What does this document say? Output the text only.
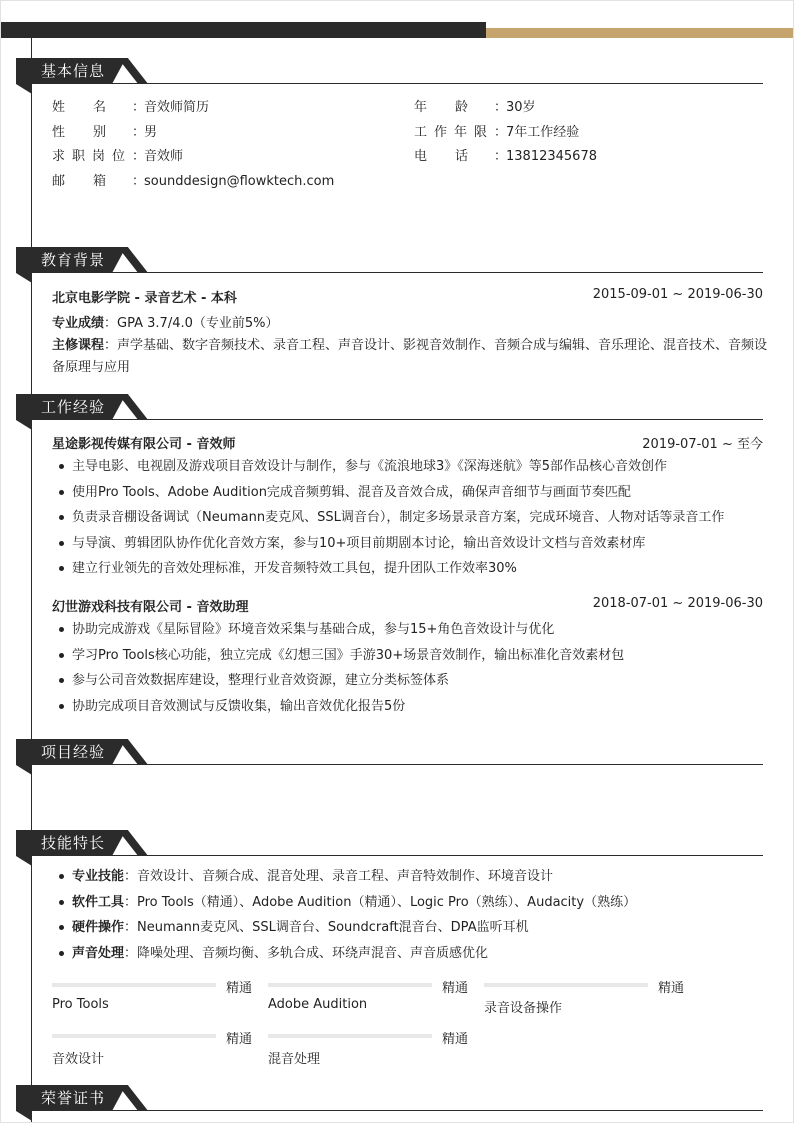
基本信息
姓名：音效师简历	年龄：30岁
性别：男	工作年限：7年工作经验
求职岗位：音效师	电话：13812345678
邮箱：sounddesign@flowktech.com
教育背景
北京电影学院 - 录音艺术 - 本科	2015-09-01 ~ 2019-06-30
专业成绩：GPA 3.7/4.0（专业前5%）
主修课程：声学基础、数字音频技术、录音工程、声音设计、影视音效制作、音频合成与编辑、音乐理论、混音技术、音频设
备原理与应用
工作经验
星途影视传媒有限公司 - 音效师	2019-07-01 ~ 至今
主导电影、电视剧及游戏项目音效设计与制作，参与《流浪地球3》《深海迷航》等5部作品核心音效创作
使用Pro Tools、Adobe Audition完成音频剪辑、混音及音效合成，确保声音细节与画面节奏匹配
负责录音棚设备调试（Neumann麦克风、SSL调音台），制定多场景录音方案，完成环境音、人物对话等录音工作
与导演、剪辑团队协作优化音效方案，参与10+项目前期剧本讨论，输出音效设计文档与音效素材库
建立行业领先的音效处理标准，开发音频特效工具包，提升团队工作效率30%
幻世游戏科技有限公司 - 音效助理	2018-07-01 ~ 2019-06-30
协助完成游戏《星际冒险》环境音效采集与基础合成，参与15+角色音效设计与优化
学习Pro Tools核心功能，独立完成《幻想三国》手游30+场景音效制作，输出标准化音效素材包
参与公司音效数据库建设，整理行业音效资源，建立分类标签体系
协助完成项目音效测试与反馈收集，输出音效优化报告5份
项目经验
技能特长
专业技能：音效设计、音频合成、混音处理、录音工程、声音特效制作、环境音设计
软件工具：Pro Tools（精通）、Adobe Audition（精通）、Logic Pro（熟练）、Audacity（熟练）
硬件操作：Neumann麦克风、SSL调音台、Soundcraft混音台、DPA监听耳机
声音处理：降噪处理、音频均衡、多轨合成、环绕声混音、声音质感优化
精通
Pro Tools
精通
Adobe Audition
精通
录音设备操作
精通
音效设计
精通
混音处理
荣誉证书
